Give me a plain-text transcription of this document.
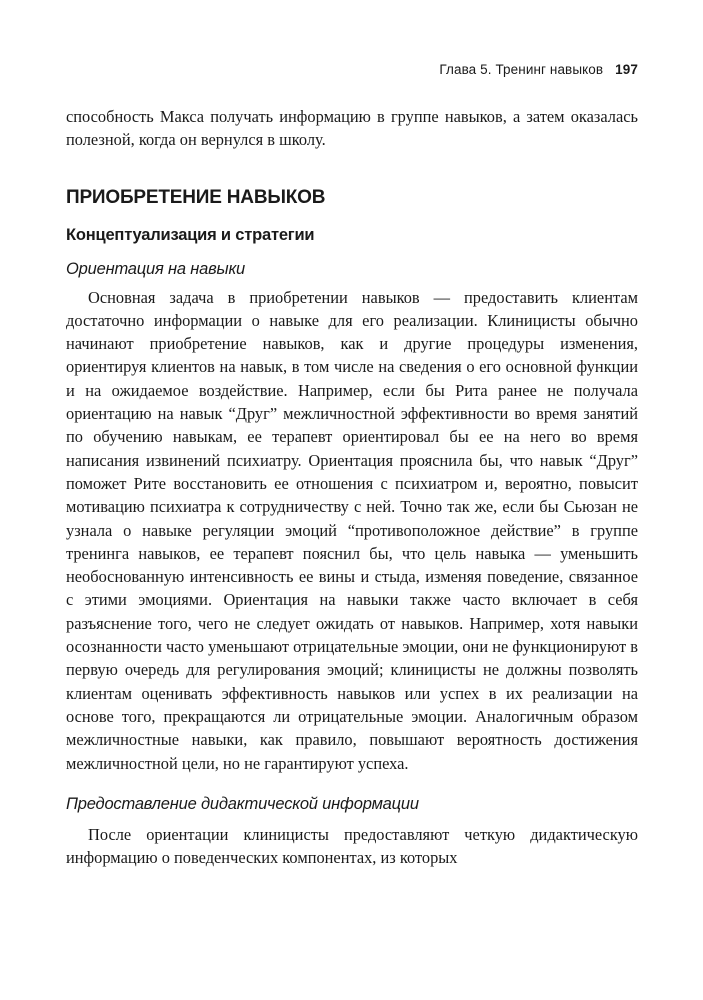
Глава 5. Тренинг навыков 197

способность Макса получать информацию в группе навыков, а затем оказалась полезной, когда он вернулся в школу.

ПРИОБРЕТЕНИЕ НАВЫКОВ
Концептуализация и стратегии
Ориентация на навыки

Основная задача в приобретении навыков — предоставить клиентам достаточно информации о навыке для его реализации. Клиницисты обычно начинают приобретение навыков, как и другие процедуры изменения, ориентируя клиентов на навык, в том числе на сведения о его основной функции и на ожидаемое воздействие. Например, если бы Рита ранее не получала ориентацию на навык “Друг” межличностной эффективности во время занятий по обучению навыкам, ее терапевт ориентировал бы ее на него во время написания извинений психиатру. Ориентация прояснила бы, что навык “Друг” поможет Рите восстановить ее отношения с психиатром и, вероятно, повысит мотивацию психиатра к сотрудничеству с ней. Точно так же, если бы Сьюзан не узнала о навыке регуляции эмоций “противоположное действие” в группе тренинга навыков, ее терапевт пояснил бы, что цель навыка — уменьшить необоснованную интенсивность ее вины и стыда, изменяя поведение, связанное с этими эмоциями. Ориентация на навыки также часто включает в себя разъяснение того, чего не следует ожидать от навыков. Например, хотя навыки осознанности часто уменьшают отрицательные эмоции, они не функционируют в первую очередь для регулирования эмоций; клиницисты не должны позволять клиентам оценивать эффективность навыков или успех в их реализации на основе того, прекращаются ли отрицательные эмоции. Аналогичным образом межличностные навыки, как правило, повышают вероятность достижения межличностной цели, но не гарантируют успеха.

Предоставление дидактической информации

После ориентации клиницисты предоставляют четкую дидактическую информацию о поведенческих компонентах, из которых
